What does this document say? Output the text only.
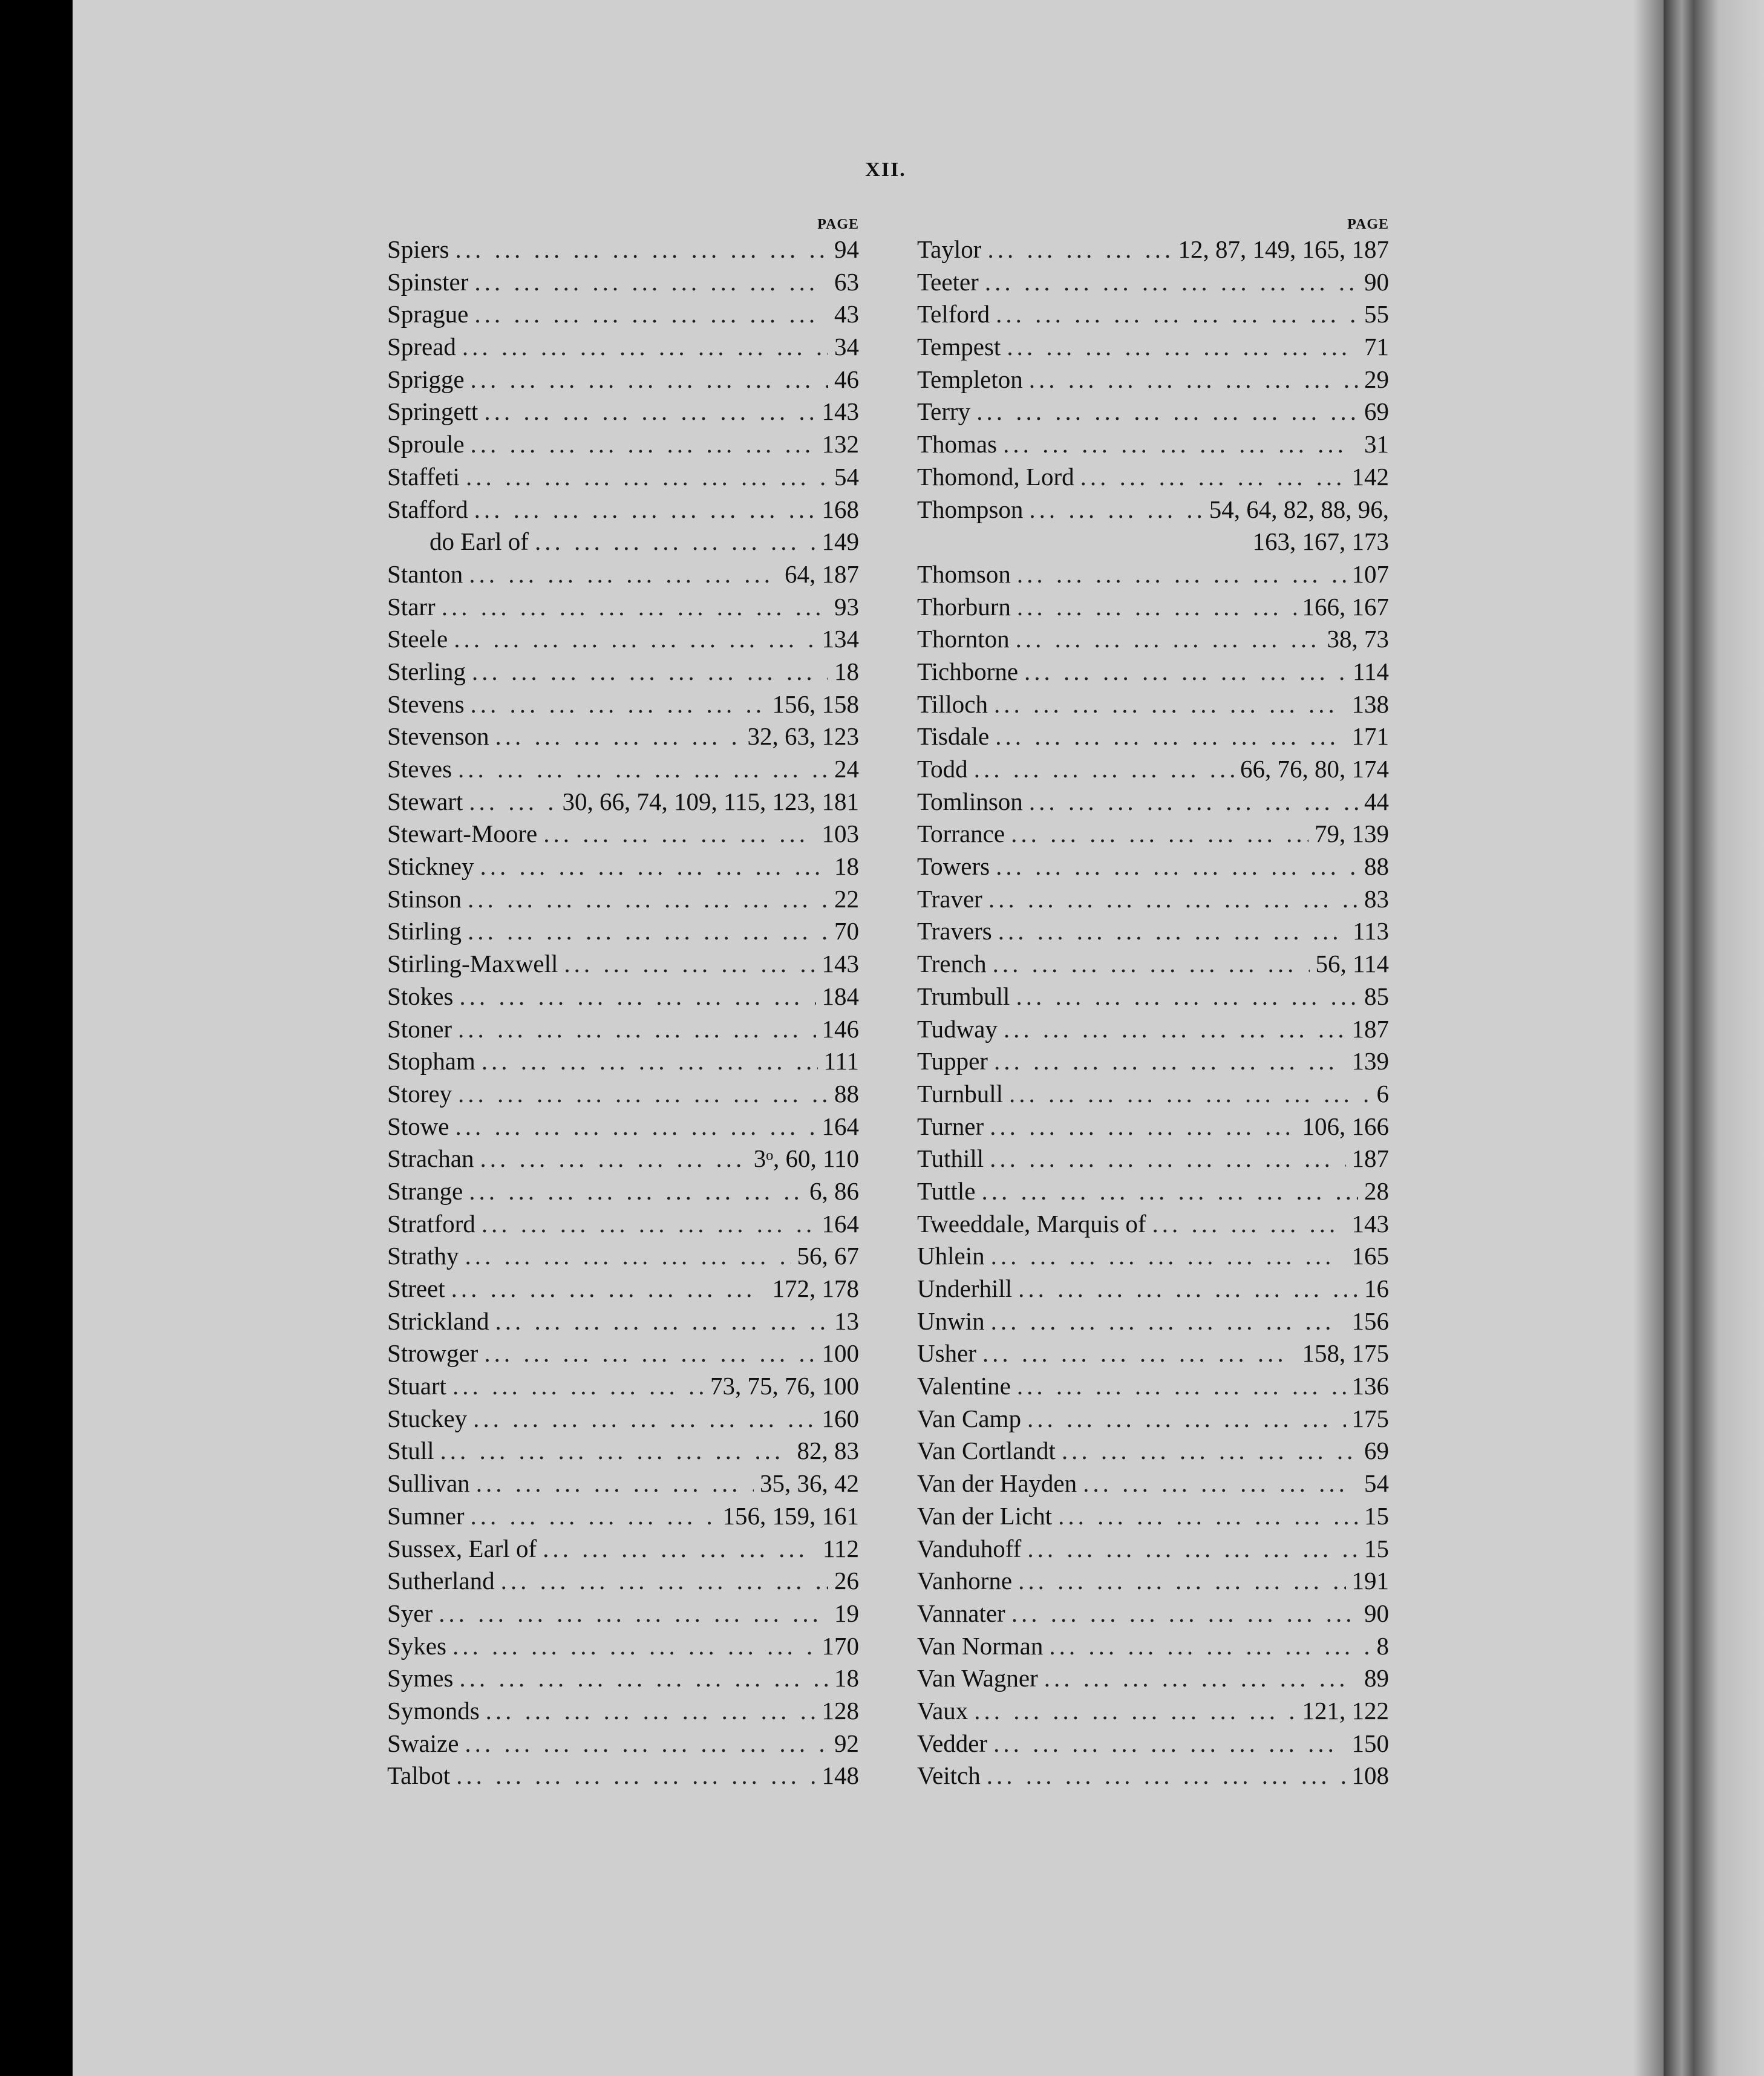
XII.
PAGE
Spiers ... .	94
Spinster ... .	63
Sprague ... .	43
Spread ... .	34
Sprigge ... .	46
Springett ... .	143
Sproule ... .	132
Staffeti ... .	54
Stafford ... .	168
do Earl of ... .	149
Stanton ... .	64, 187
Starr ... .	93
Steele ... .	134
Sterling ... .	18
Stevens ... .	156, 158
Stevenson ... .	32, 63, 123
Steves ... .	24
Stewart ... .	30, 66, 74, 109, 115, 123, 181
Stewart-Moore ... .	103
Stickney ... .	18
Stinson ... .	22
Stirling ... .	70
Stirling-Maxwell ... .	143
Stokes ... .	184
Stoner ... .	146
Stopham ... .	111
Storey ... .	88
Stowe ... .	164
Strachan ... .	3ᵒ, 60, 110
Strange ... .	6, 86
Stratford ... .	164
Strathy ... .	56, 67
Street ... .	172, 178
Strickland ... .	13
Strowger ... .	100
Stuart ... .	73, 75, 76, 100
Stuckey ... .	160
Stull ... .	82, 83
Sullivan ... .	35, 36, 42
Sumner ... .	156, 159, 161
Sussex, Earl of ... .	112
Sutherland ... .	26
Syer ... .	19
Sykes ... .	170
Symes ... .	18
Symonds ... .	128
Swaize ... .	92
Talbot ... .	148
PAGE
Taylor ... .	12, 87, 149, 165, 187
Teeter ... .	90
Telford ... .	55
Tempest ... .	71
Templeton ... .	29
Terry ... .	69
Thomas ... .	31
Thomond, Lord ... .	142
Thompson ... .	54, 64, 82, 88, 96,
163, 167, 173
Thomson ... .	107
Thorburn ... .	166, 167
Thornton ... .	38, 73
Tichborne ... .	114
Tilloch ... .	138
Tisdale ... .	171
Todd ... .	66, 76, 80, 174
Tomlinson ... .	44
Torrance ... .	79, 139
Towers ... .	88
Traver ... .	83
Travers ... .	113
Trench ... .	56, 114
Trumbull ... .	85
Tudway ... .	187
Tupper ... .	139
Turnbull ... .	6
Turner ... .	106, 166
Tuthill ... .	187
Tuttle ... .	28
Tweeddale, Marquis of ... .	143
Uhlein ... .	165
Underhill ... .	16
Unwin ... .	156
Usher ... .	158, 175
Valentine ... .	136
Van Camp ... .	175
Van Cortlandt ... .	69
Van der Hayden ... .	54
Van der Licht ... .	15
Vanduhoff ... .	15
Vanhorne ... .	191
Vannater ... .	90
Van Norman ... .	8
Van Wagner ... .	89
Vaux ... .	121, 122
Vedder ... .	150
Veitch ... .	108
